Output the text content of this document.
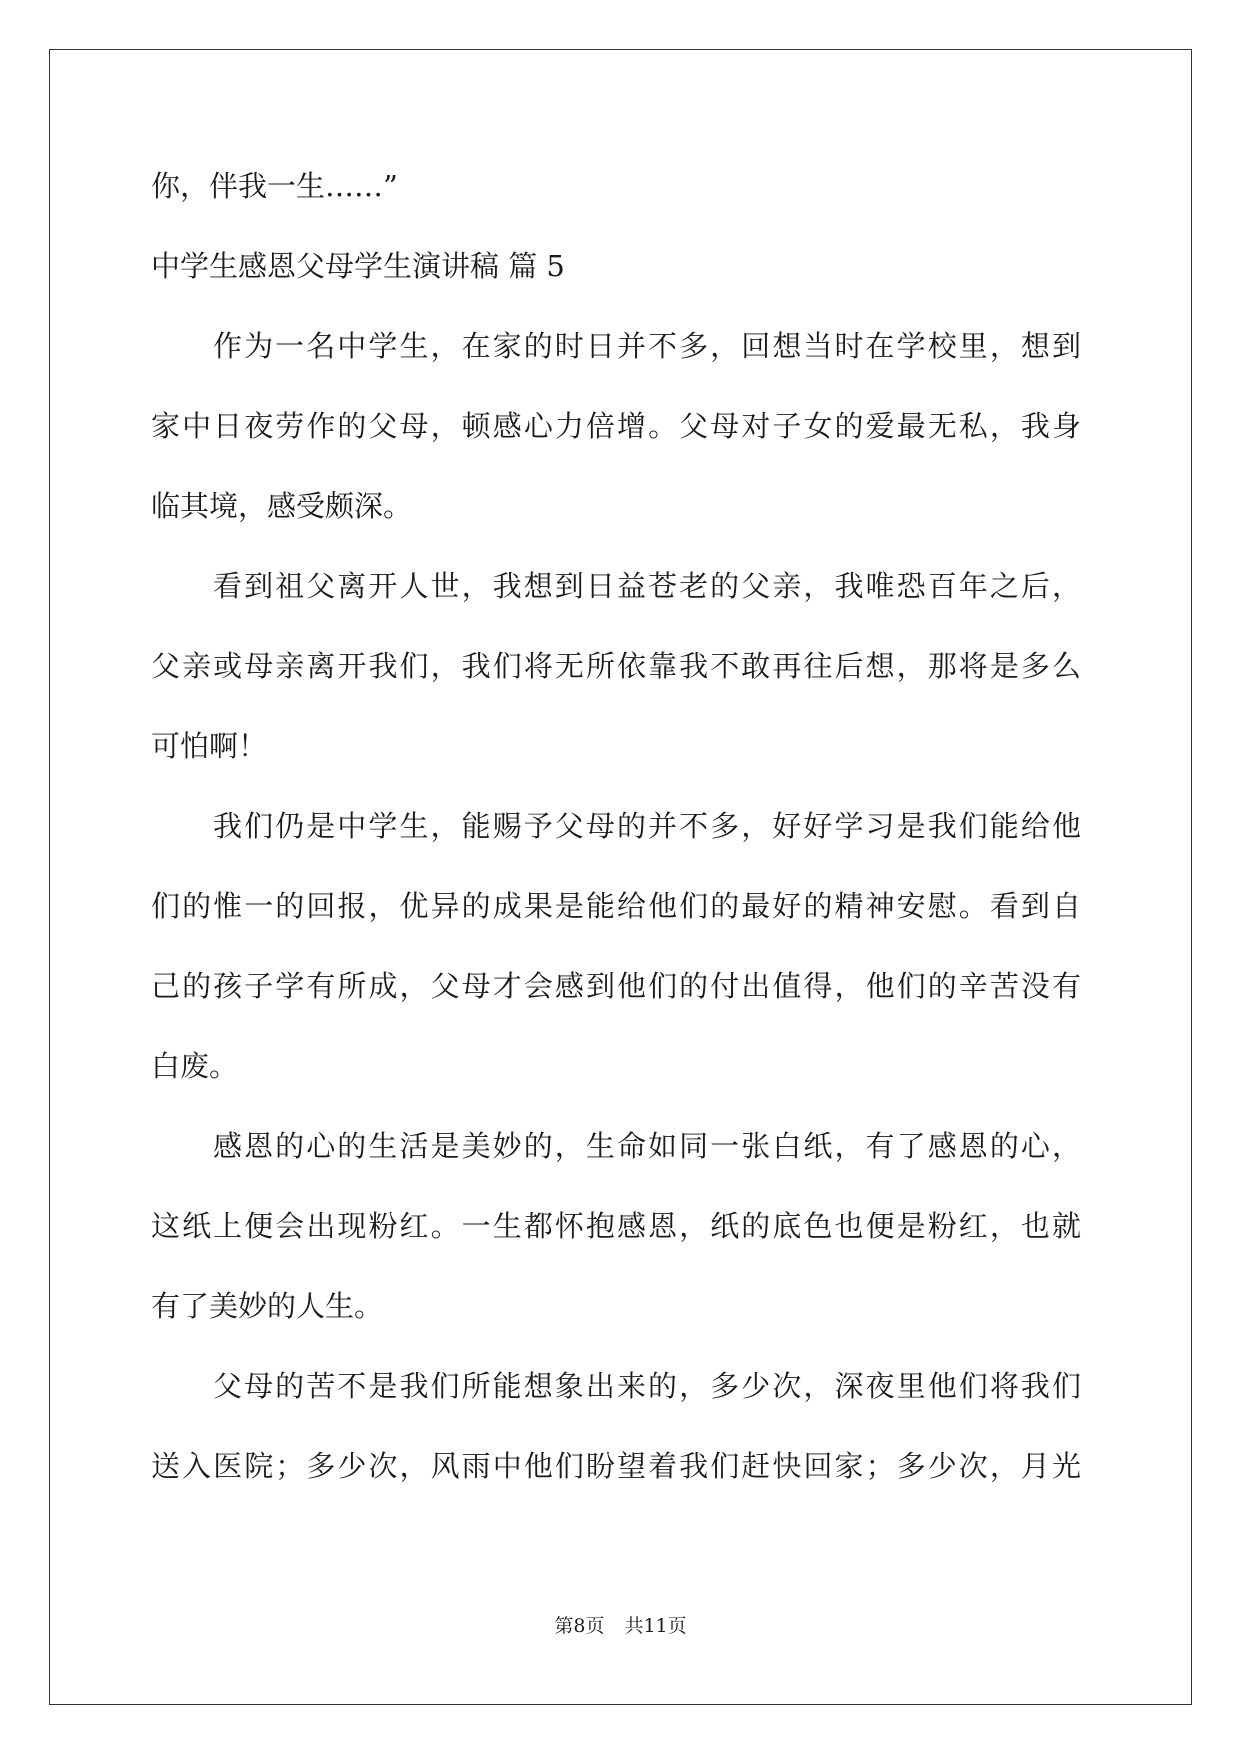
你，伴我一生……”
中学生感恩父母学生演讲稿 篇 5
作为一名中学生，在家的时日并不多，回想当时在学校里，想到
家中日夜劳作的父母，顿感心力倍增。父母对子女的爱最无私，我身
临其境，感受颇深。
看到祖父离开人世，我想到日益苍老的父亲，我唯恐百年之后，
父亲或母亲离开我们，我们将无所依靠我不敢再往后想，那将是多么
可怕啊！
我们仍是中学生，能赐予父母的并不多，好好学习是我们能给他
们的惟一的回报，优异的成果是能给他们的最好的精神安慰。看到自
己的孩子学有所成，父母才会感到他们的付出值得，他们的辛苦没有
白废。
感恩的心的生活是美妙的，生命如同一张白纸，有了感恩的心，
这纸上便会出现粉红。一生都怀抱感恩，纸的底色也便是粉红，也就
有了美妙的人生。
父母的苦不是我们所能想象出来的，多少次，深夜里他们将我们
送入医院；多少次，风雨中他们盼望着我们赶快回家；多少次，月光
第8页 共11页
